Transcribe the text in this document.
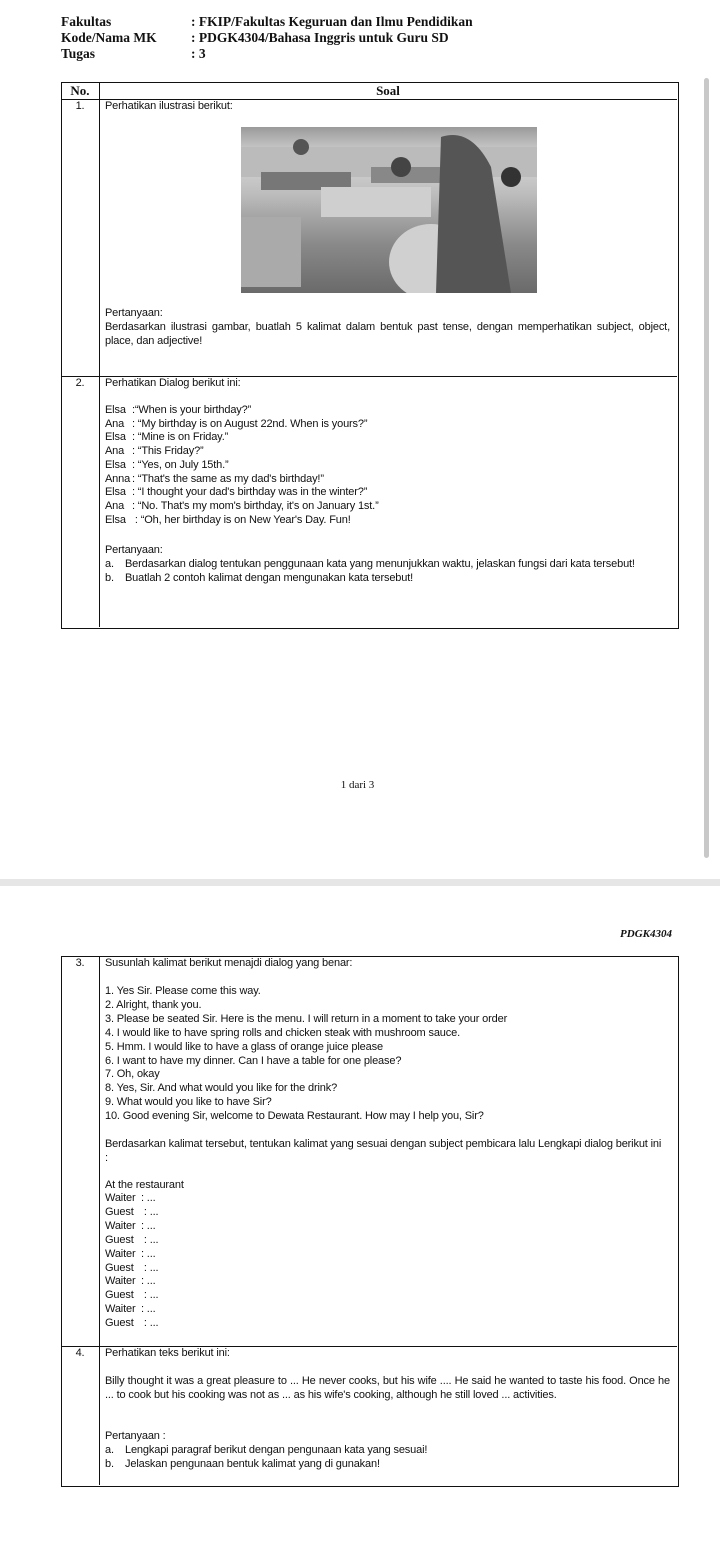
Fakultas	: FKIP/Fakultas Keguruan dan Ilmu Pendidikan
Kode/Nama MK	: PDGK4304/Bahasa Inggris untuk Guru SD
Tugas	: 3
No.	Soal
1.	Perhatikan ilustrasi berikut:
Pertanyaan:
Berdasarkan ilustrasi gambar, buatlah 5 kalimat dalam bentuk past tense, dengan memperhatikan subject, object, place, dan adjective!
2.	Perhatikan Dialog berikut ini:
Elsa :“When is your birthday?”
Ana : “My birthday is on August 22nd. When is yours?”
Elsa : “Mine is on Friday.”
Ana : “This Friday?”
Elsa : “Yes, on July 15th.”
Anna : “That's the same as my dad's birthday!”
Elsa : “I thought your dad's birthday was in the winter?”
Ana : “No. That's my mom's birthday, it's on January 1st.”
Elsa : “Oh, her birthday is on New Year's Day. Fun!
Pertanyaan:
a. Berdasarkan dialog tentukan penggunaan kata yang menunjukkan waktu, jelaskan fungsi dari kata tersebut!
b. Buatlah 2 contoh kalimat dengan mengunakan kata tersebut!
1 dari 3
PDGK4304
3.	Susunlah kalimat berikut menajdi dialog yang benar:
1. Yes Sir. Please come this way.
2. Alright, thank you.
3. Please be seated Sir. Here is the menu. I will return in a moment to take your order
4. I would like to have spring rolls and chicken steak with mushroom sauce.
5. Hmm. I would like to have a glass of orange juice please
6. I want to have my dinner. Can I have a table for one please?
7. Oh, okay
8. Yes, Sir. And what would you like for the drink?
9. What would you like to have Sir?
10. Good evening Sir, welcome to Dewata Restaurant. How may I help you, Sir?
Berdasarkan kalimat tersebut, tentukan kalimat yang sesuai dengan subject pembicara lalu Lengkapi dialog berikut ini :
At the restaurant
Waiter : ...
Guest : ...
Waiter : ...
Guest : ...
Waiter : ...
Guest : ...
Waiter : ...
Guest : ...
Waiter : ...
Guest : ...
4.	Perhatikan teks berikut ini:
Billy thought it was a great pleasure to ... He never cooks, but his wife .... He said he wanted to taste his food. Once he ... to cook but his cooking was not as ... as his wife's cooking, although he still loved ... activities.
Pertanyaan :
a. Lengkapi paragraf berikut dengan pengunaan kata yang sesuai!
b. Jelaskan pengunaan bentuk kalimat yang di gunakan!
